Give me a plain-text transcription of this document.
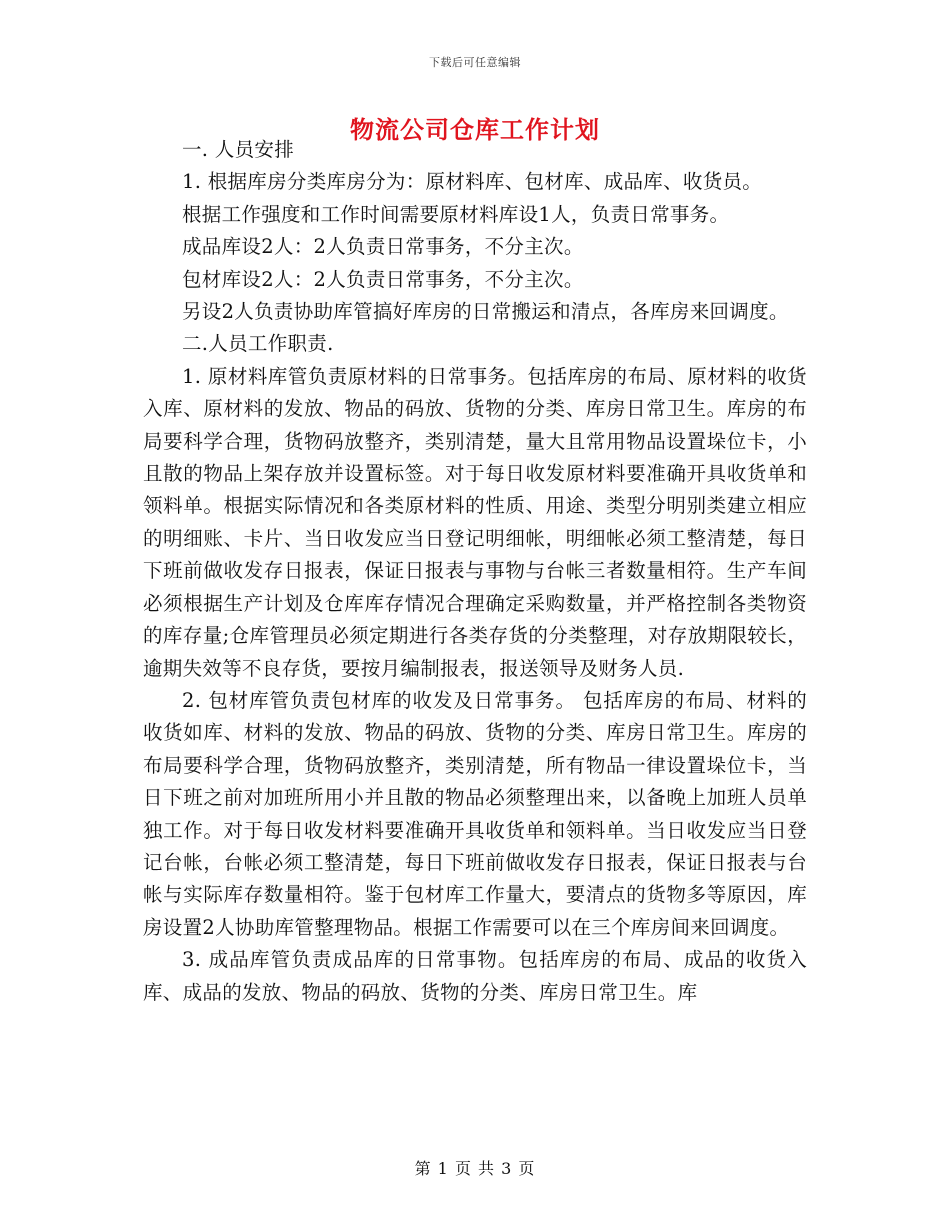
下载后可任意编辑
物流公司仓库工作计划

一. 人员安排

1. 根据库房分类库房分为：原材料库、包材库、成品库、收货员。

根据工作强度和工作时间需要原材料库设1人，负责日常事务。

成品库设2人：2人负责日常事务，不分主次。

包材库设2人：2人负责日常事务，不分主次。

另设2人负责协助库管搞好库房的日常搬运和清点，各库房来回调度。

二.人员工作职责.

1. 原材料库管负责原材料的日常事务。包括库房的布局、原材料的收货入库、原材料的发放、物品的码放、货物的分类、库房日常卫生。库房的布局要科学合理，货物码放整齐，类别清楚，量大且常用物品设置垛位卡，小且散的物品上架存放并设置标签。对于每日收发原材料要准确开具收货单和领料单。根据实际情况和各类原材料的性质、用途、类型分明别类建立相应的明细账、卡片、当日收发应当日登记明细帐，明细帐必须工整清楚，每日下班前做收发存日报表，保证日报表与事物与台帐三者数量相符。生产车间必须根据生产计划及仓库库存情况合理确定采购数量，并严格控制各类物资的库存量;仓库管理员必须定期进行各类存货的分类整理，对存放期限较长，逾期失效等不良存货，要按月编制报表，报送领导及财务人员.

2. 包材库管负责包材库的收发及日常事务。 包括库房的布局、材料的收货如库、材料的发放、物品的码放、货物的分类、库房日常卫生。库房的布局要科学合理，货物码放整齐，类别清楚，所有物品一律设置垛位卡，当日下班之前对加班所用小并且散的物品必须整理出来，以备晚上加班人员单独工作。对于每日收发材料要准确开具收货单和领料单。当日收发应当日登记台帐，台帐必须工整清楚，每日下班前做收发存日报表，保证日报表与台帐与实际库存数量相符。鉴于包材库工作量大，要清点的货物多等原因，库房设置2人协助库管整理物品。根据工作需要可以在三个库房间来回调度。

3. 成品库管负责成品库的日常事物。包括库房的布局、成品的收货入库、成品的发放、物品的码放、货物的分类、库房日常卫生。库

第 1 页 共 3 页
